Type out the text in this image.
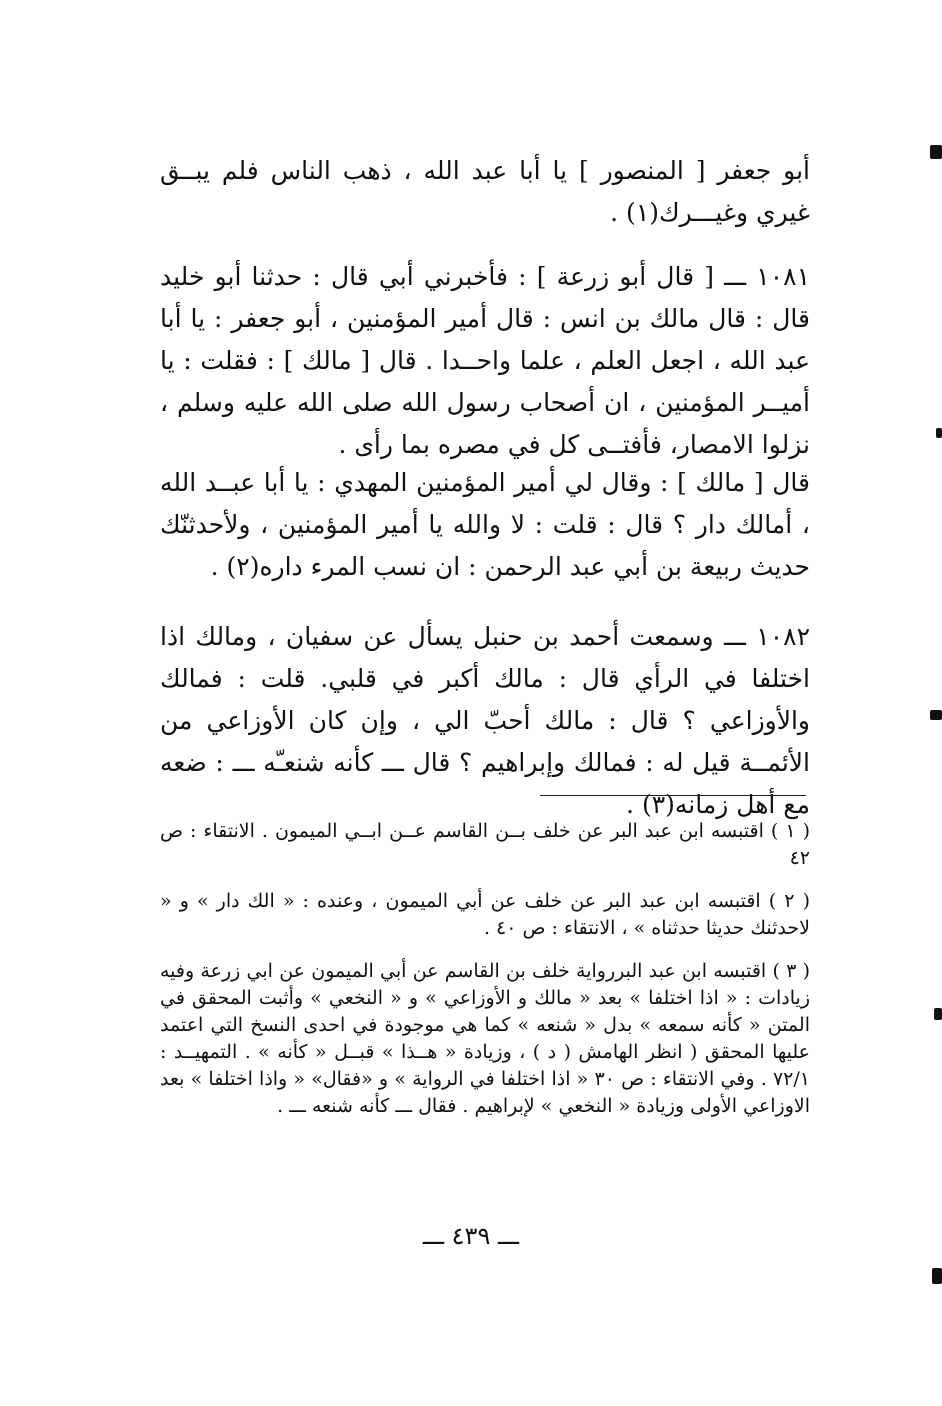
أبو جعفر [ المنصور ] يا أبا عبد الله ، ذهب الناس فلم يبــق غيري وغيـــرك(١) .

١٠٨١ ـــ [ قال أبو زرعة ] : فأخبرني أبي قال : حدثنا أبو خليد قال : قال مالك بن انس : قال أمير المؤمنين ، أبو جعفر : يا أبا عبد الله ، اجعل العلم ، علما واحــدا . قال [ مالك ] : فقلت : يا أميــر المؤمنين ، ان أصحاب رسول الله صلى الله عليه وسلم ، نزلوا الامصار، فأفتــى كل في مصره بما رأى .

قال [ مالك ] : وقال لي أمير المؤمنين المهدي : يا أبا عبــد الله ، أمالك دار ؟ قال : قلت : لا والله يا أمير المؤمنين ، ولأحدثنّك حديث ربيعة بن أبي عبد الرحمن : ان نسب المرء داره(٢) .

١٠٨٢ ـــ وسمعت أحمد بن حنبل يسأل عن سفيان ، ومالك اذا اختلفا في الرأي قال : مالك أكبر في قلبي. قلت : فمالك والأوزاعي ؟ قال : مالك أحبّ الي ، وإن كان الأوزاعي من الأئمــة قيل له : فمالك وإبراهيم ؟ قال ـــ كأنه شنعـّه ـــ : ضعه مع أهل زمانه(٣) .

( ١ ) اقتبسه ابن عبد البر عن خلف بــن القاسم عــن ابــي الميمون . الانتقاء : ص ٤٢

( ٢ ) اقتبسه ابن عبد البر عن خلف عن أبي الميمون ، وعنده : « الك دار » و « لاحدثنك حديثا حدثناه » ، الانتقاء : ص ٤٠ .

( ٣ ) اقتبسه ابن عبد البررواية خلف بن القاسم عن أبي الميمون عن ابي زرعة وفيه زيادات : « اذا اختلفا » بعد « مالك و الأوزاعي » و « النخعي » وأثبت المحقق في المتن « كأنه سمعه » بدل « شنعه » كما هي موجودة في احدى النسخ التي اعتمد عليها المحقق ( انظر الهامش ( د ) ، وزيادة « هــذا » قبــل « كأنه » . التمهيــد : ٧٢/١ . وفي الانتقاء : ص ٣٠ « اذا اختلفا في الرواية » و «فقال» « واذا اختلفا » بعد الاوزاعي الأولى وزيادة « النخعي » لإبراهيم . فقال ـــ كأنه شنعه ـــ .

ـــ ٤٣٩ ـــ
